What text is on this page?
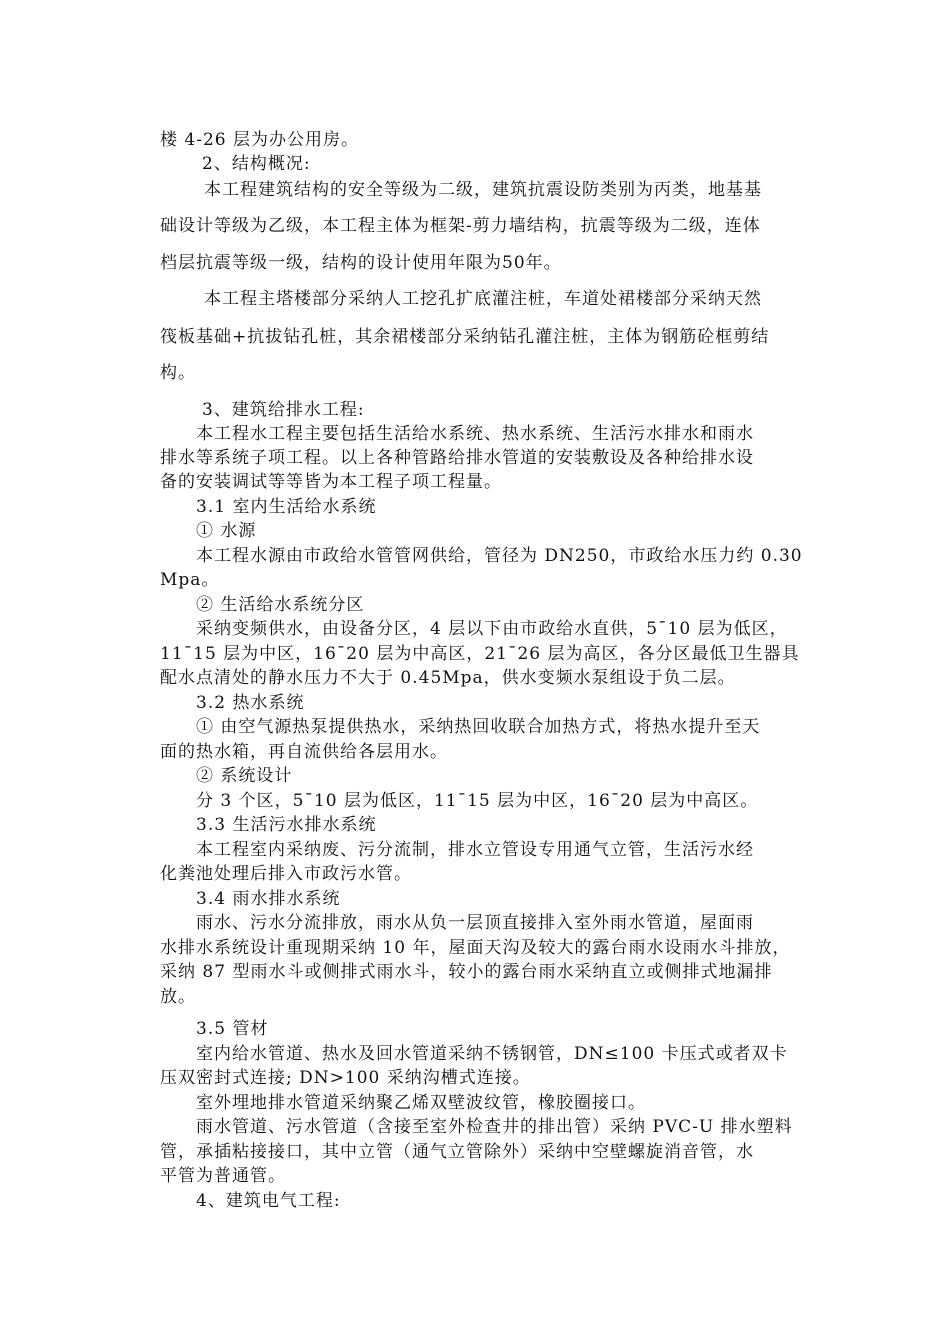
楼 4-26 层为办公用房。

2、结构概况:

本工程建筑结构的安全等级为二级，建筑抗震设防类别为丙类，地基基

础设计等级为乙级，本工程主体为框架-剪力墙结构，抗震等级为二级，连体

档层抗震等级一级，结构的设计使用年限为50年。

本工程主塔楼部分采纳人工挖孔扩底灌注桩，车道处裙楼部分采纳天然

筏板基础+抗拔钻孔桩，其余裙楼部分采纳钻孔灌注桩，主体为钢筋砼框剪结

构。

3、建筑给排水工程:

本工程水工程主要包括生活给水系统、热水系统、生活污水排水和雨水

排水等系统子项工程。以上各种管路给排水管道的安装敷设及各种给排水设

备的安装调试等等皆为本工程子项工程量。

3.1 室内生活给水系统

① 水源

本工程水源由市政给水管管网供给，管径为 DN250，市政给水压力约 0.30

Mpa。

② 生活给水系统分区

采纳变频供水，由设备分区，4 层以下由市政给水直供，5¯10 层为低区，

11¯15 层为中区，16¯20 层为中高区，21¯26 层为高区，各分区最低卫生器具

配水点清处的静水压力不大于 0.45Mpa，供水变频水泵组设于负二层。

3.2 热水系统

① 由空气源热泵提供热水，采纳热回收联合加热方式，将热水提升至天

面的热水箱，再自流供给各层用水。

② 系统设计

分 3 个区，5¯10 层为低区，11¯15 层为中区，16¯20 层为中高区。

3.3 生活污水排水系统

本工程室内采纳废、污分流制，排水立管设专用通气立管，生活污水经

化粪池处理后排入市政污水管。

3.4 雨水排水系统

雨水、污水分流排放，雨水从负一层顶直接排入室外雨水管道，屋面雨

水排水系统设计重现期采纳 10 年，屋面天沟及较大的露台雨水设雨水斗排放，

采纳 87 型雨水斗或侧排式雨水斗，较小的露台雨水采纳直立或侧排式地漏排

放。

3.5 管材

室内给水管道、热水及回水管道采纳不锈钢管，DN≤100 卡压式或者双卡

压双密封式连接; DN>100 采纳沟槽式连接。

室外埋地排水管道采纳聚乙烯双壁波纹管，橡胶圈接口。

雨水管道、污水管道（含接至室外检查井的排出管）采纳 PVC-U 排水塑料

管，承插粘接接口，其中立管（通气立管除外）采纳中空壁螺旋消音管，水

平管为普通管。

4、建筑电气工程:
